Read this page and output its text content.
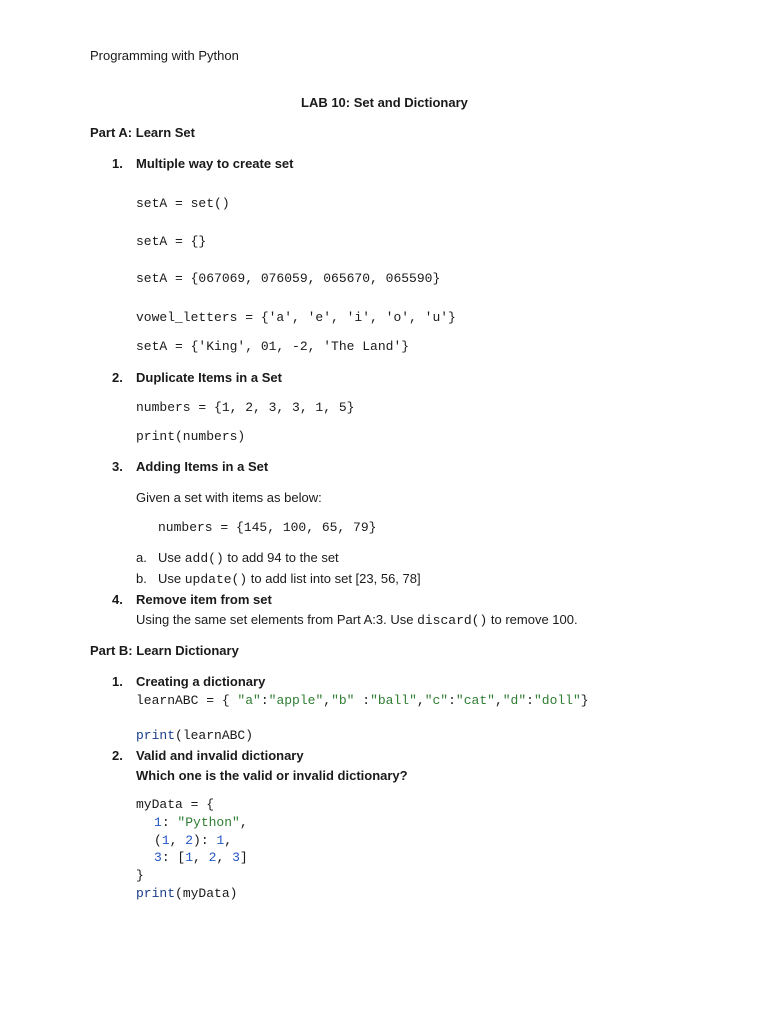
Programming with Python
LAB 10: Set and Dictionary
Part A: Learn Set
1. Multiple way to create set
setA = set()
setA = {}
setA = {067069, 076059, 065670, 065590}
vowel_letters = {'a', 'e', 'i', 'o', 'u'}
setA = {'King', 01, -2, 'The Land'}
2. Duplicate Items in a Set
numbers = {1, 2, 3, 3, 1, 5}
print(numbers)
3. Adding Items in a Set
Given a set with items as below:
numbers = {145, 100, 65, 79}
a. Use add() to add 94 to the set
b. Use update() to add list into set [23, 56, 78]
4. Remove item from set
Using the same set elements from Part A:3. Use discard() to remove 100.
Part B: Learn Dictionary
1. Creating a dictionary
learnABC = { "a":"apple","b" :"ball","c":"cat","d":"doll"}
print(learnABC)
2. Valid and invalid dictionary
Which one is the valid or invalid dictionary?
myData = {
1: "Python",
(1, 2): 1,
3: [1, 2, 3]
}
print(myData)
